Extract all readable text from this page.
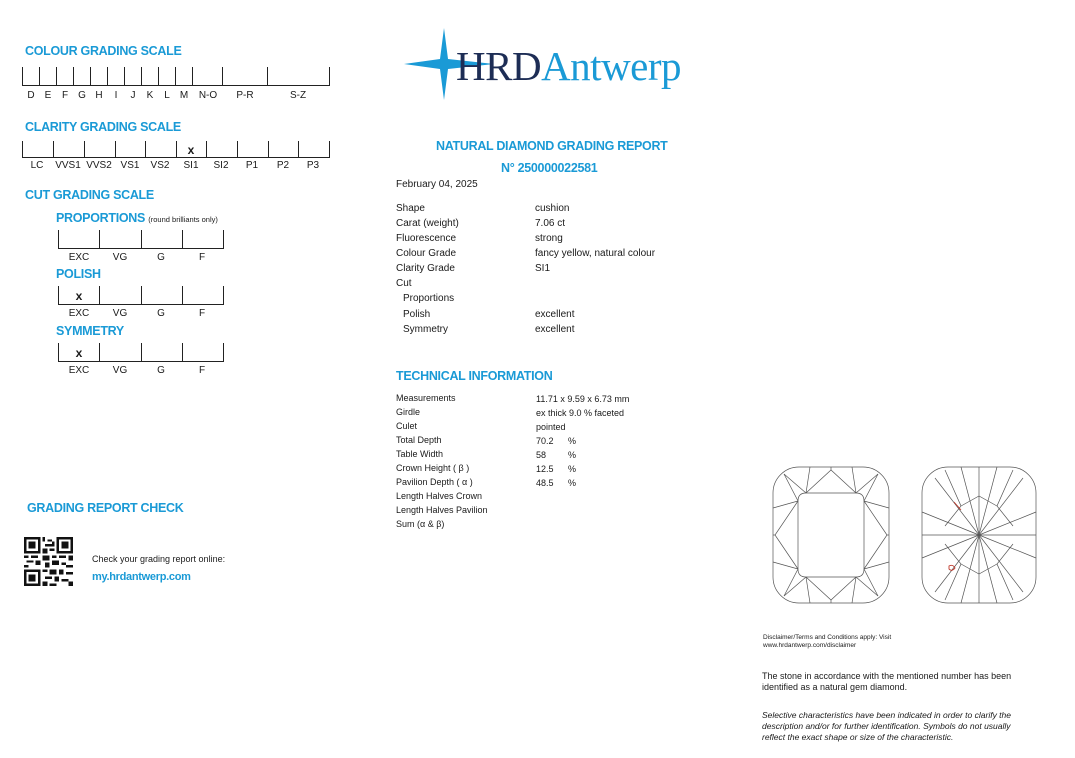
HRDAntwerp
COLOUR GRADING SCALE
D E F G H I J K L M N-O P-R	S-Z
CLARITY GRADING SCALE
x
LC VVS1 VVS2 VS1 VS2 SI1 SI2 P1 P2 P3
CUT GRADING SCALE
PROPORTIONS (round brilliants only)
EXC VG	G	F
POLISH
x
EXC VG	G	F
SYMMETRY
x
EXC VG	G	F
GRADING REPORT CHECK
Check your grading report online:
my.hrdantwerp.com
NATURAL DIAMOND GRADING REPORT
N° 250000022581
February 04, 2025
Shape	cushion
Carat (weight)	7.06 ct
Fluorescence	strong
Colour Grade	fancy yellow, natural colour
Clarity Grade	SI1
Cut
Proportions
Polish	excellent
Symmetry	excellent
TECHNICAL INFORMATION
Measurements	11.71 x 9.59 x 6.73 mm
Girdle	ex thick 9.0 % faceted
Culet	pointed
Total Depth	70.2 %
Table Width	58 %
Crown Height ( β )	12.5 %
Pavilion Depth ( α )	48.5 %
Length Halves Crown
Length Halves Pavilion
Sum (α & β)
Disclaimer/Terms and Conditions apply: Visit
www.hrdantwerp.com/disclaimer
The stone in accordance with the mentioned number has been
identified as a natural gem diamond.
Selective characteristics have been indicated in order to clarify the
description and/or for further identification. Symbols do not usually
reflect the exact shape or size of the characteristic.
